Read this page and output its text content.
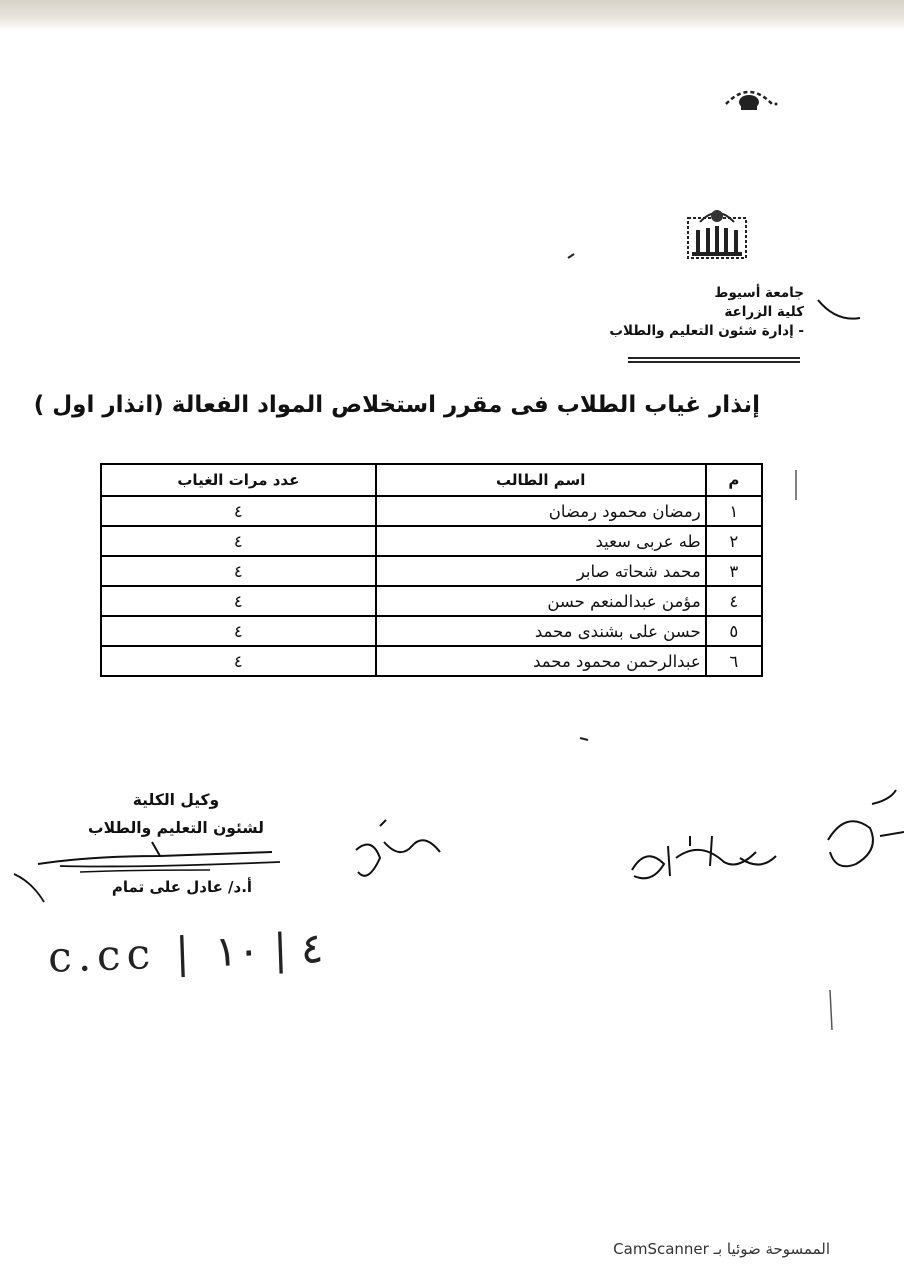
جامعة أسيوط
كلية الزراعة
- إدارة شئون التعليم والطلاب
إنذار غياب الطلاب فى مقرر استخلاص المواد الفعالة (انذار اول )
م	اسم الطالب	عدد مرات الغياب
١	رمضان محمود رمضان	٤
٢	طه عربى سعيد	٤
٣	محمد شحاته صابر	٤
٤	مؤمن عبدالمنعم حسن	٤
٥	حسن على بشندى محمد	٤
٦	عبدالرحمن محمود محمد	٤
وكيل الكلية
لشئون التعليم والطلاب
أ.د/ عادل على تمام
c.cc | ٤ | ١٠
الممسوحة ضوئيا بـ CamScanner
